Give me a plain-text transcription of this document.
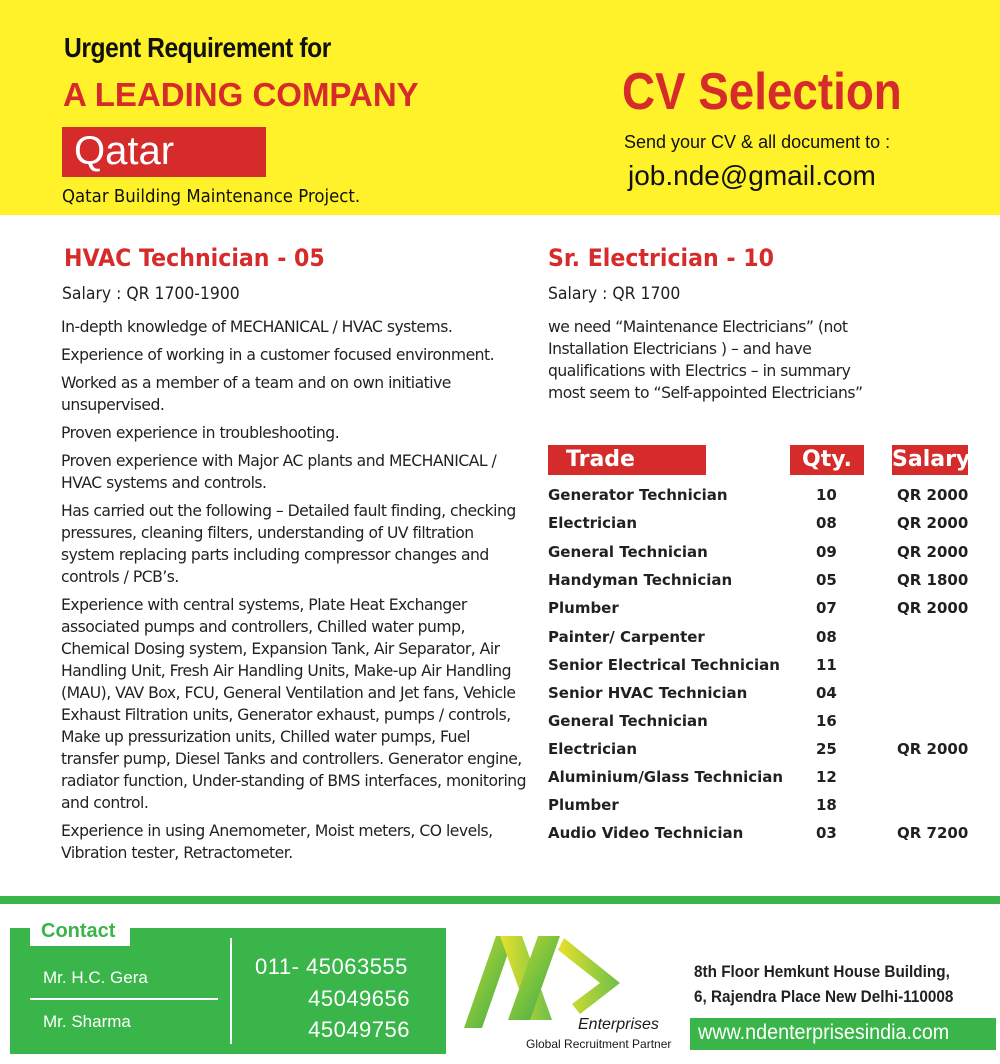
Urgent Requirement for
A LEADING COMPANY
Qatar
Qatar Building Maintenance Project.
CV Selection
Send your CV & all document to :
job.nde@gmail.com
HVAC Technician - 05
Salary : QR 1700-1900
In-depth knowledge of MECHANICAL / HVAC systems.
Experience of working in a customer focused environment.
Worked as a member of a team and on own initiative unsupervised.
Proven experience in troubleshooting.
Proven experience with Major AC plants and MECHANICAL / HVAC systems and controls.
Has carried out the following – Detailed fault finding, checking pressures, cleaning filters, understanding of UV filtration system replacing parts including compressor changes and controls / PCB’s.
Experience with central systems, Plate Heat Exchanger associated pumps and controllers, Chilled water pump, Chemical Dosing system, Expansion Tank, Air Separator, Air Handling Unit, Fresh Air Handling Units, Make-up Air Handling (MAU), VAV Box, FCU, General Ventilation and Jet fans, Vehicle Exhaust Filtration units, Generator exhaust, pumps / controls, Make up pressurization units, Chilled water pumps, Fuel transfer pump, Diesel Tanks and controllers. Generator engine, radiator function, Under-standing of BMS interfaces, monitoring and control.
Experience in using Anemometer, Moist meters, CO levels, Vibration tester, Retractometer.
Sr. Electrician - 10
Salary : QR 1700
we need “Maintenance Electricians” (not Installation Electricians ) – and have qualifications with Electrics – in summary most seem to “Self-appointed Electricians”
Trade	Qty.	Salary
Generator Technician	10	QR 2000
Electrician	08	QR 2000
General Technician	09	QR 2000
Handyman Technician	05	QR 1800
Plumber	07	QR 2000
Painter/ Carpenter	08
Senior Electrical Technician 11
Senior HVAC Technician	04
General Technician	16
Electrician	25	QR 2000
Aluminium/Glass Technician 12
Plumber	18
Audio Video Technician	03	QR 7200
Contact
Mr. H.C. Gera
Mr. Sharma
011- 45063555
45049656
45049756	Enterprises
Global Recruitment Partner
8th Floor Hemkunt House Building,
6, Rajendra Place New Delhi-110008
www.ndenterprisesindia.com
